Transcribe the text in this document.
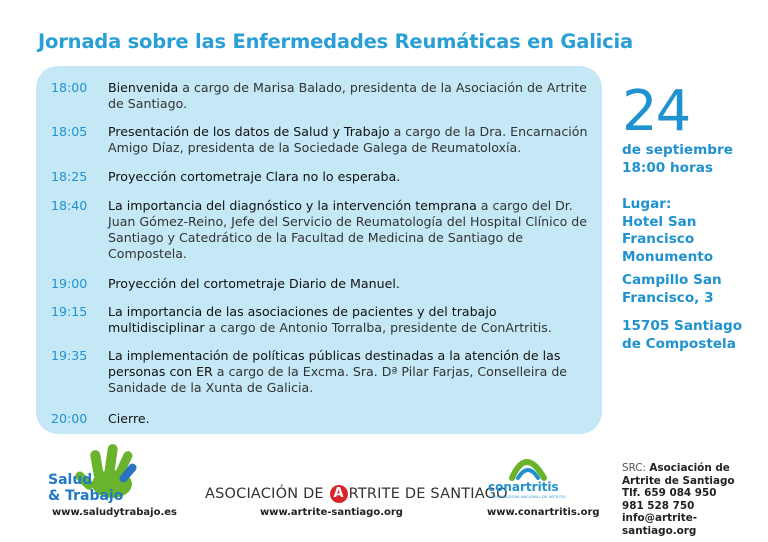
Jornada sobre las Enfermedades Reumáticas en Galicia
18:00 Bienvenida a cargo de Marisa Balado, presidenta de la Asociación de Artrite de Santiago.
18:05 Presentación de los datos de Salud y Trabajo a cargo de la Dra. Encarnación Amigo Díaz, presidenta de la Sociedade Galega de Reumatoloxía.
18:25 Proyección cortometraje Clara no lo esperaba.
18:40 La importancia del diagnóstico y la intervención temprana a cargo del Dr. Juan Gómez-Reino, Jefe del Servicio de Reumatología del Hospital Clínico de Santiago y Catedrático de la Facultad de Medicina de Santiago de Compostela.
19:00 Proyección del cortometraje Diario de Manuel.
19:15 La importancia de las asociaciones de pacientes y del trabajo multidisciplinar a cargo de Antonio Torralba, presidente de ConArtritis.
19:35 La implementación de políticas públicas destinadas a la atención de las personas con ER a cargo de la Excma. Sra. Dª Pilar Farjas, Conselleira de Sanidade de la Xunta de Galicia.
20:00 Cierre.
24
de septiembre
18:00 horas
Lugar:
Hotel San
Francisco
Monumento
Campillo San
Francisco, 3
15705 Santiago
de Compostela
Salud
& Trabajo
www.saludytrabajo.es
ASOCIACIÓN DE A RTRITE DE SANTIAGO
www.artrite-santiago.org
conartritis
COORDINADORA NACIONAL DE ARTRITIS
www.conartritis.org
SRC: Asociación de Artrite de Santiago
Tlf. 659 084 950
981 528 750
info@artrite-santiago.org
